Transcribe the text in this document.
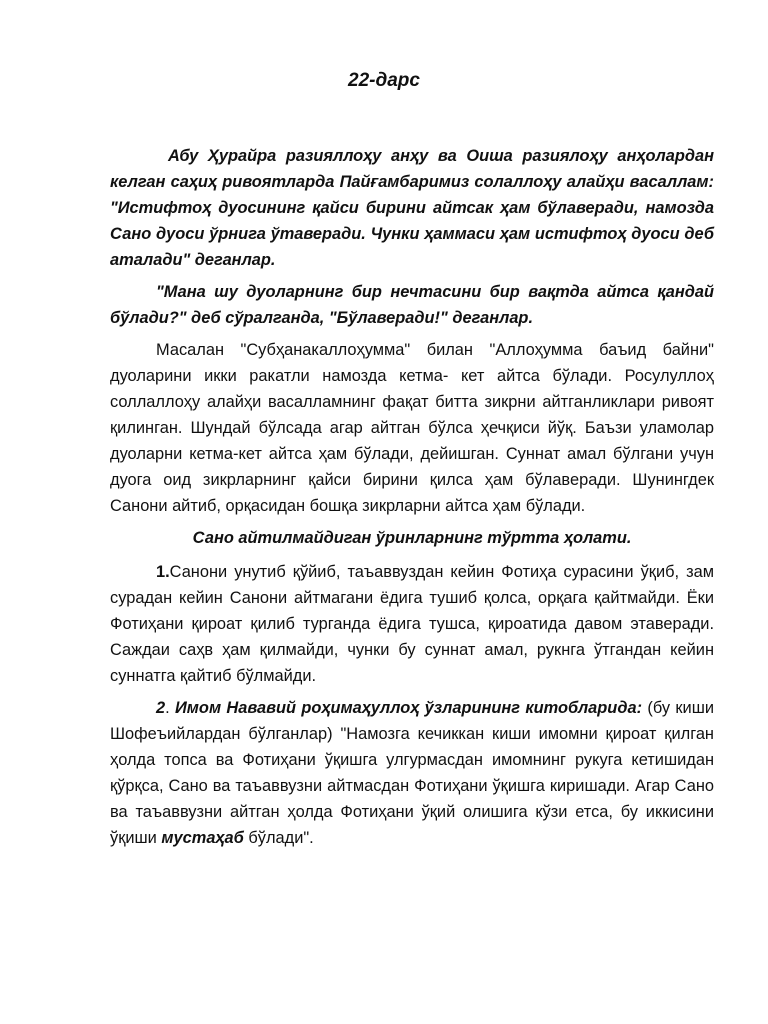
22-дарс

Абу Ҳурайра разияллоҳу анҳу ва Оиша разиялоҳу анҳолардан келган саҳиҳ ривоятларда Пайғамбаримиз солаллоҳу алайҳи васаллам: "Истифтоҳ дуосининг қайси бирини айтсак ҳам бўлаверади, намозда Сано дуоси ўрнига ўтаверади. Чунки ҳаммаси ҳам истифтоҳ дуоси деб аталади" деганлар.

"Мана шу дуоларнинг бир нечтасини бир вақтда айтса қандай бўлади?" деб сўралганда, "Бўлаверади!" деганлар.

Масалан "Субҳанакаллоҳумма" билан "Аллоҳумма баъид байни" дуоларини икки ракатли намозда кетма- кет айтса бўлади. Росулуллоҳ соллаллоҳу алайҳи васалламнинг фақат битта зикрни айтганликлари ривоят қилинган. Шундай бўлсада агар айтган бўлса ҳечқиси йўқ. Баъзи уламолар дуоларни кетма-кет айтса ҳам бўлади, дейишган. Суннат амал бўлгани учун дуога оид зикрларнинг қайси бирини қилса ҳам бўлаверади. Шунингдек Санони айтиб, орқасидан бошқа зикрларни айтса ҳам бўлади.

Сано айтилмайдиган ўринларнинг тўртта ҳолати.

1.Санони унутиб қўйиб, таъаввуздан кейин Фотиҳа сурасини ўқиб, зам сурадан кейин Санони айтмагани ёдига тушиб қолса, орқага қайтмайди. Ёки Фотиҳани қироат қилиб турганда ёдига тушса, қироатида давом этаверади. Саждаи саҳв ҳам қилмайди, чунки бу суннат амал, рукнга ўтгандан кейин суннатга қайтиб бўлмайди.

2. Имом Нававий роҳимаҳуллоҳ ўзларининг китобларида: (бу киши Шофеъийлардан бўлганлар) "Намозга кечиккан киши имомни қироат қилган ҳолда топса ва Фотиҳани ўқишга улгурмасдан имомнинг рукуга кетишидан қўрқса, Сано ва таъаввузни айтмасдан Фотиҳани ўқишга киришади. Агар Сано ва таъаввузни айтган ҳолда Фотиҳани ўқий олишига кўзи етса, бу иккисини ўқиши мустаҳаб бўлади".
